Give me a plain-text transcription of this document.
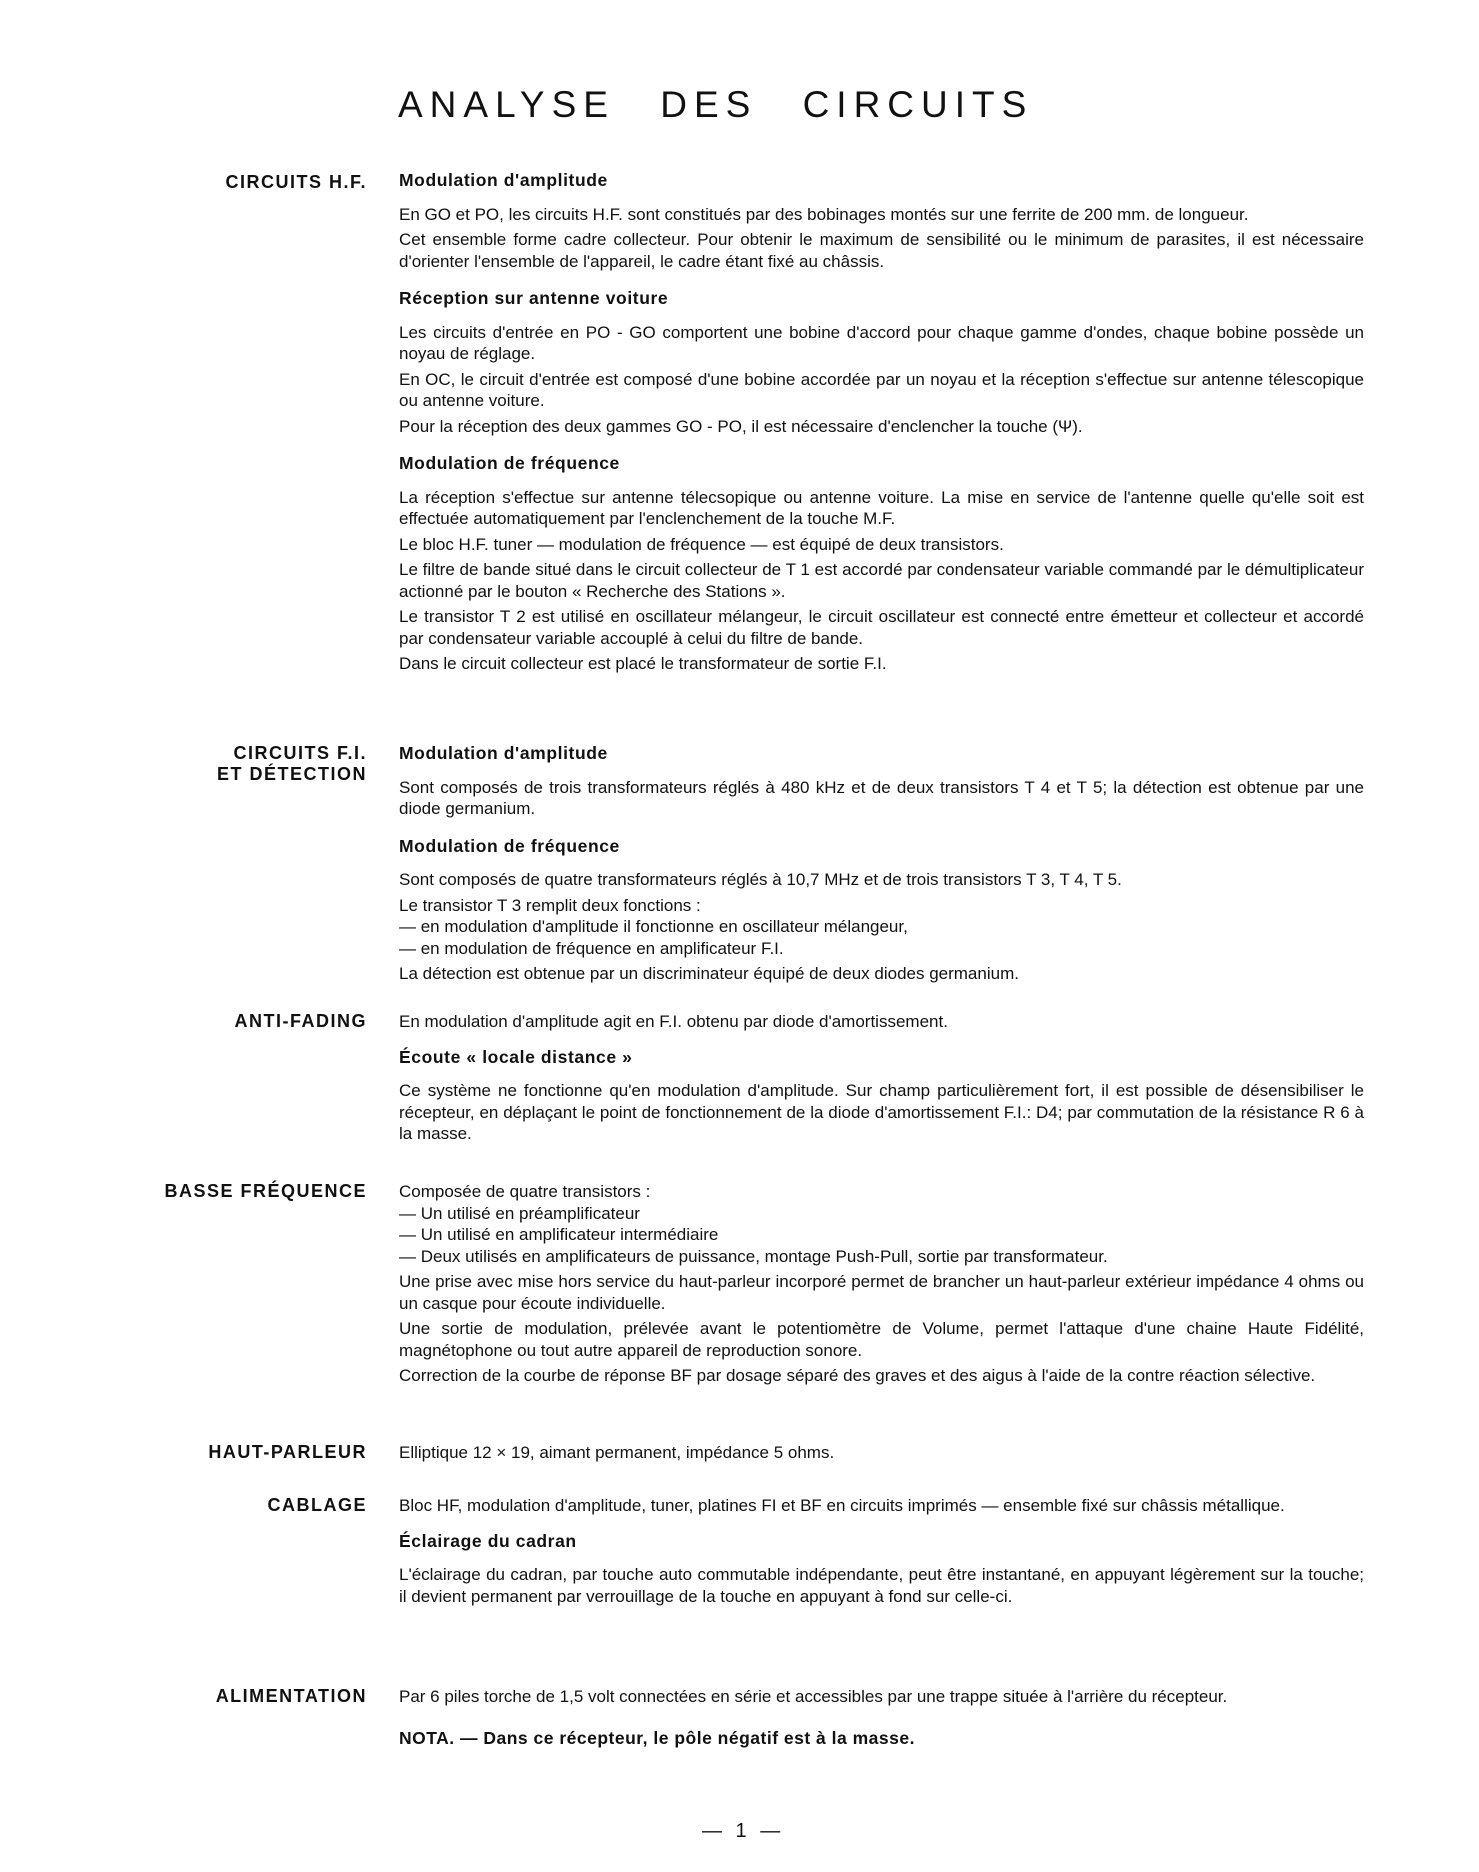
ANALYSE DES CIRCUITS
CIRCUITS H.F. Modulation d'amplitude

En GO et PO, les circuits H.F. sont constitués par des bobinages montés sur une ferrite de 200 mm. de longueur.

Cet ensemble forme cadre collecteur. Pour obtenir le maximum de sensibilité ou le minimum de parasites, il est nécessaire d'orienter l'ensemble de l'appareil, le cadre étant fixé au châssis.

Réception sur antenne voiture

Les circuits d'entrée en PO - GO comportent une bobine d'accord pour chaque gamme d'ondes, chaque bobine possède un noyau de réglage.

En OC, le circuit d'entrée est composé d'une bobine accordée par un noyau et la réception s'effectue sur antenne télescopique ou antenne voiture.

Pour la réception des deux gammes GO - PO, il est nécessaire d'enclencher la touche (Ψ).

Modulation de fréquence

La réception s'effectue sur antenne télecsopique ou antenne voiture. La mise en service de l'antenne quelle qu'elle soit est effectuée automatiquement par l'enclenchement de la touche M.F.

Le bloc H.F. tuner — modulation de fréquence — est équipé de deux transistors.

Le filtre de bande situé dans le circuit collecteur de T 1 est accordé par condensateur variable commandé par le démultiplicateur actionné par le bouton « Recherche des Stations ».

Le transistor T 2 est utilisé en oscillateur mélangeur, le circuit oscillateur est connecté entre émetteur et collecteur et accordé par condensateur variable accouplé à celui du filtre de bande.

Dans le circuit collecteur est placé le transformateur de sortie F.I.

CIRCUITS F.I.
ET DÉTECTION
Modulation d'amplitude

Sont composés de trois transformateurs réglés à 480 kHz et de deux transistors T 4 et T 5; la détection est obtenue par une diode germanium.

Modulation de fréquence

Sont composés de quatre transformateurs réglés à 10,7 MHz et de trois transistors T 3, T 4, T 5.

Le transistor T 3 remplit deux fonctions :

— en modulation d'amplitude il fonctionne en oscillateur mélangeur,

— en modulation de fréquence en amplificateur F.I.

La détection est obtenue par un discriminateur équipé de deux diodes germanium.

ANTI-FADING En modulation d'amplitude agit en F.I. obtenu par diode d'amortissement.

Écoute « locale distance »

Ce système ne fonctionne qu'en modulation d'amplitude. Sur champ particulièrement fort, il est possible de désensibiliser le récepteur, en déplaçant le point de fonctionnement de la diode d'amortissement F.I.: D4; par commutation de la résistance R 6 à la masse.

BASSE FRÉQUENCE Composée de quatre transistors :

— Un utilisé en préamplificateur

— Un utilisé en amplificateur intermédiaire

— Deux utilisés en amplificateurs de puissance, montage Push-Pull, sortie par transformateur.

Une prise avec mise hors service du haut-parleur incorporé permet de brancher un haut-parleur extérieur impédance 4 ohms ou un casque pour écoute individuelle.

Une sortie de modulation, prélevée avant le potentiomètre de Volume, permet l'attaque d'une chaine Haute Fidélité, magnétophone ou tout autre appareil de reproduction sonore.

Correction de la courbe de réponse BF par dosage séparé des graves et des aigus à l'aide de la contre réaction sélective.

HAUT-PARLEUR Elliptique 12 × 19, aimant permanent, impédance 5 ohms.

CABLAGE Bloc HF, modulation d'amplitude, tuner, platines FI et BF en circuits imprimés — ensemble fixé sur châssis métallique.

Éclairage du cadran

L'éclairage du cadran, par touche auto commutable indépendante, peut être instantané, en appuyant légèrement sur la touche; il devient permanent par verrouillage de la touche en appuyant à fond sur celle-ci.

ALIMENTATION Par 6 piles torche de 1,5 volt connectées en série et accessibles par une trappe située à l'arrière du récepteur.

NOTA. — Dans ce récepteur, le pôle négatif est à la masse.

— 1 —
